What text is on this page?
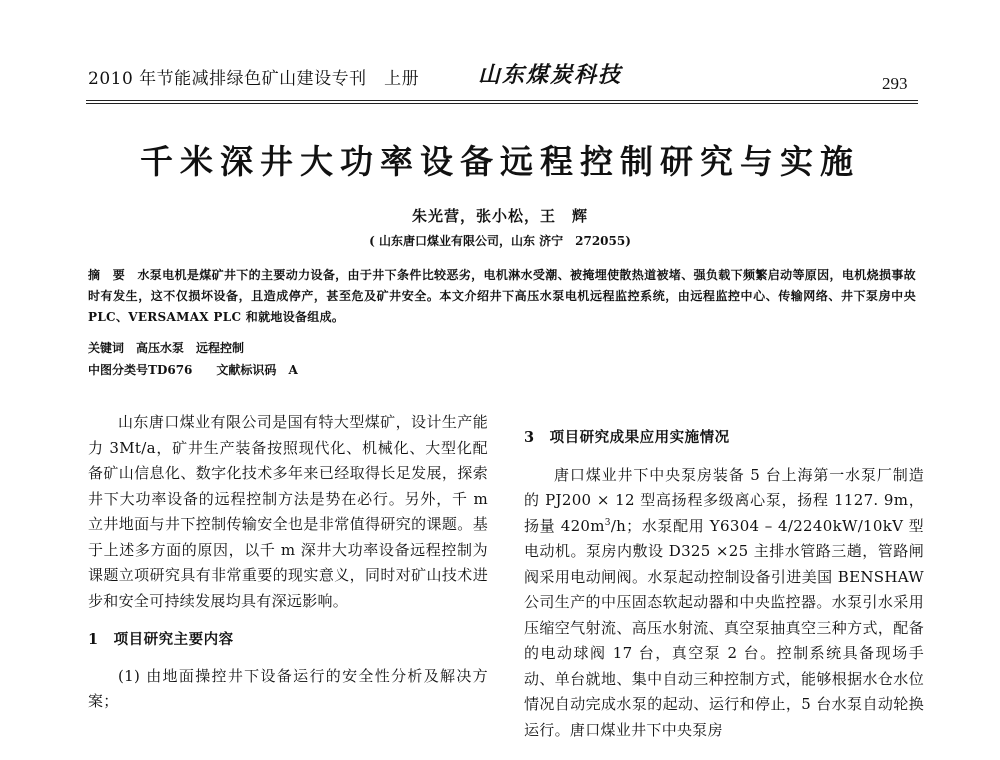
2010 年节能减排绿色矿山建设专刊　上册	山东煤炭科技	293
千米深井大功率设备远程控制研究与实施
朱光营，张小松，王　辉
( 山东唐口煤业有限公司，山东 济宁　272055)
摘　要　 水泵电机是煤矿井下的主要动力设备，由于井下条件比较恶劣，电机淋水受潮、被掩埋使散热道被堵、强负载下频繁启动等原因，电机烧损事故时有发生，这不仅损坏设备，且造成停产，甚至危及矿井安全。本文介绍井下高压水泵电机远程监控系统，由远程监控中心、传输网络、井下泵房中央 PLC、VERSAMAX PLC 和就地设备组成。
关键词　 高压水泵　远程控制
中图分类号TD676　　 文献标识码　 A

山东唐口煤业有限公司是国有特大型煤矿，设计生产能力 3Mt/a，矿井生产装备按照现代化、机械化、大型化配备矿山信息化、数字化技术多年来已经取得长足发展，探索井下大功率设备的远程控制方法是势在必行。另外，千 m 立井地面与井下控制传输安全也是非常值得研究的课题。基于上述多方面的原因，以千 m 深井大功率设备远程控制为课题立项研究具有非常重要的现实意义，同时对矿山技术进步和安全可持续发展均具有深远影响。

1　项目研究主要内容

(1) 由地面操控井下设备运行的安全性分析及解决方案；

3　项目研究成果应用实施情况

唐口煤业井下中央泵房装备 5 台上海第一水泵厂制造的 PJ200 × 12 型高扬程多级离心泵，扬程 1127. 9m，扬量 $420m^3/h$；水泵配用 Y6304 – 4/2240kW/10kV 型电动机。泵房内敷设 D325 ×25 主排水管路三趟，管路闸阀采用电动闸阀。水泵起动控制设备引进美国 BENSHAW 公司生产的中压固态软起动器和中央监控器。水泵引水采用压缩空气射流、高压水射流、真空泵抽真空三种方式，配备的电动球阀 17 台，真空泵 2 台。控制系统具备现场手动、单台就地、集中自动三种控制方式，能够根据水仓水位情况自动完成水泵的起动、运行和停止，5 台水泵自动轮换运行。唐口煤业井下中央泵房
